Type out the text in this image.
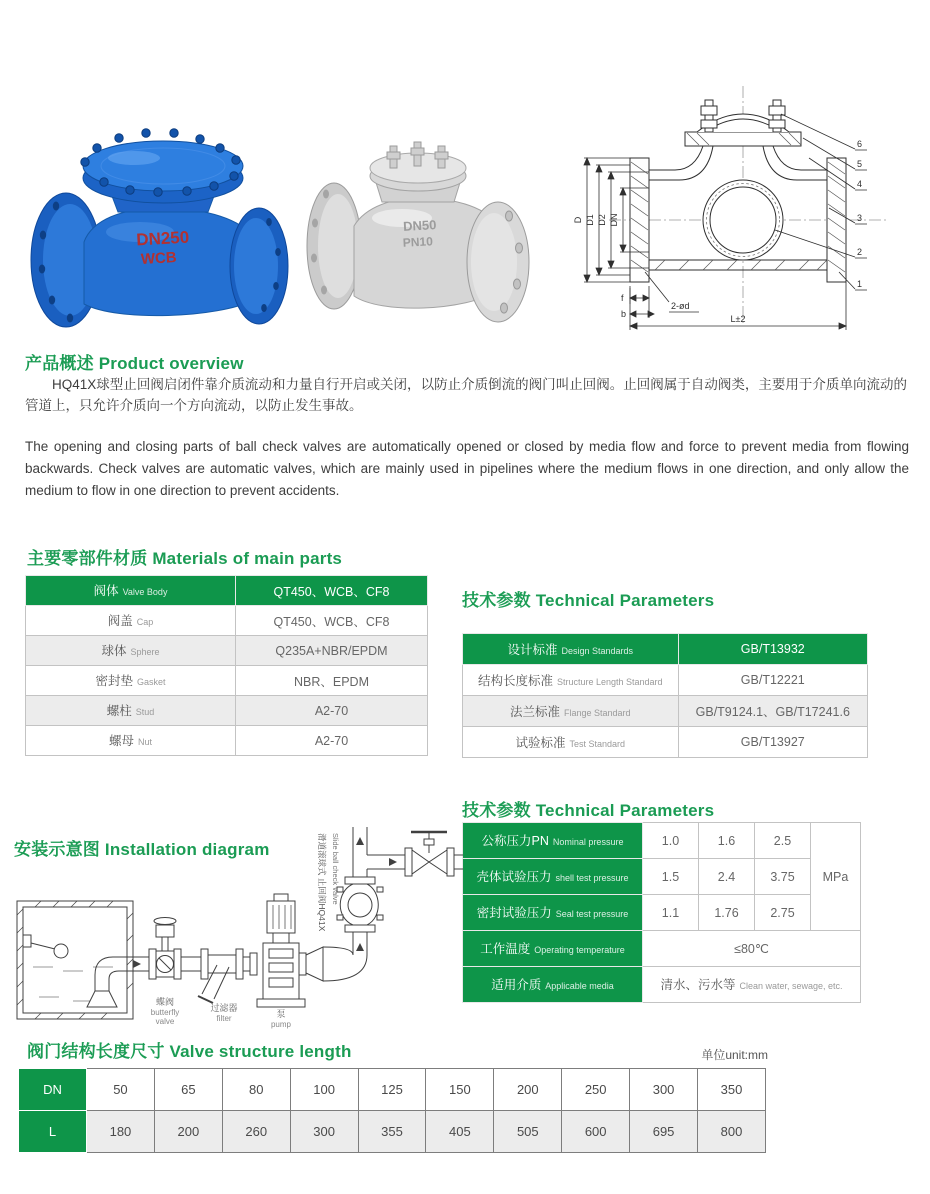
DN250
WCB
DN50
PN10
D D1 D2 DN
f
b
2-ød
L±2
6
5
4
3
2
1
产品概述 Product overview
HQ41X球型止回阀启闭件靠介质流动和力量自行开启或关闭，以防止介质倒流的阀门叫止回阀。止回阀属于自动阀类，主要用于介质单向流动的管道上，只允许介质向一个方向流动，以防止发生事故。
The opening and closing parts of ball check valves are automatically opened or closed by media flow and force to prevent media from flowing backwards. Check valves are automatic valves, which are mainly used in pipelines where the medium flows in one direction, and only allow the medium to flow in one direction to prevent accidents.
主要零部件材质 Materials of main parts
阀体 Valve Body	QT450、WCB、CF8
阀盖 Cap	QT450、WCB、CF8
球体 Sphere	Q235A+NBR/EPDM
密封垫 Gasket	NBR、EPDM
螺柱 Stud	A2-70
螺母 Nut	A2-70
技术参数 Technical Parameters
设计标准 Design Standards	GB/T13932
结构长度标准 Structure Length Standard	GB/T12221
法兰标准 Flange Standard	GB/T9124.1、GB/T17241.6
试验标准 Test Standard	GB/T13927
技术参数 Technical Parameters
公称压力PN Nominal pressure	1.0	1.6	2.5	MPa
壳体试验压力 shell test pressure	1.5	2.4	3.75	
密封试验压力 Seal test pressure	1.1	1.76	2.75	
工作温度 Operating temperature	≤80℃			
适用介质 Applicable media	清水、污水等 Clean water, sewage, etc.			
安装示意图 Installation diagram	滑道滚球式 止回阀HQ41X Slide ball check valve
蝶阀
butterfly
valve
过滤器
filter	泵
pump
阀门结构长度尺寸 Valve structure length	单位unit:mm
DN	50	65	80	100	125	150	200	250	300	350
L	180	200	260	300	355	405	505	600	695	800
